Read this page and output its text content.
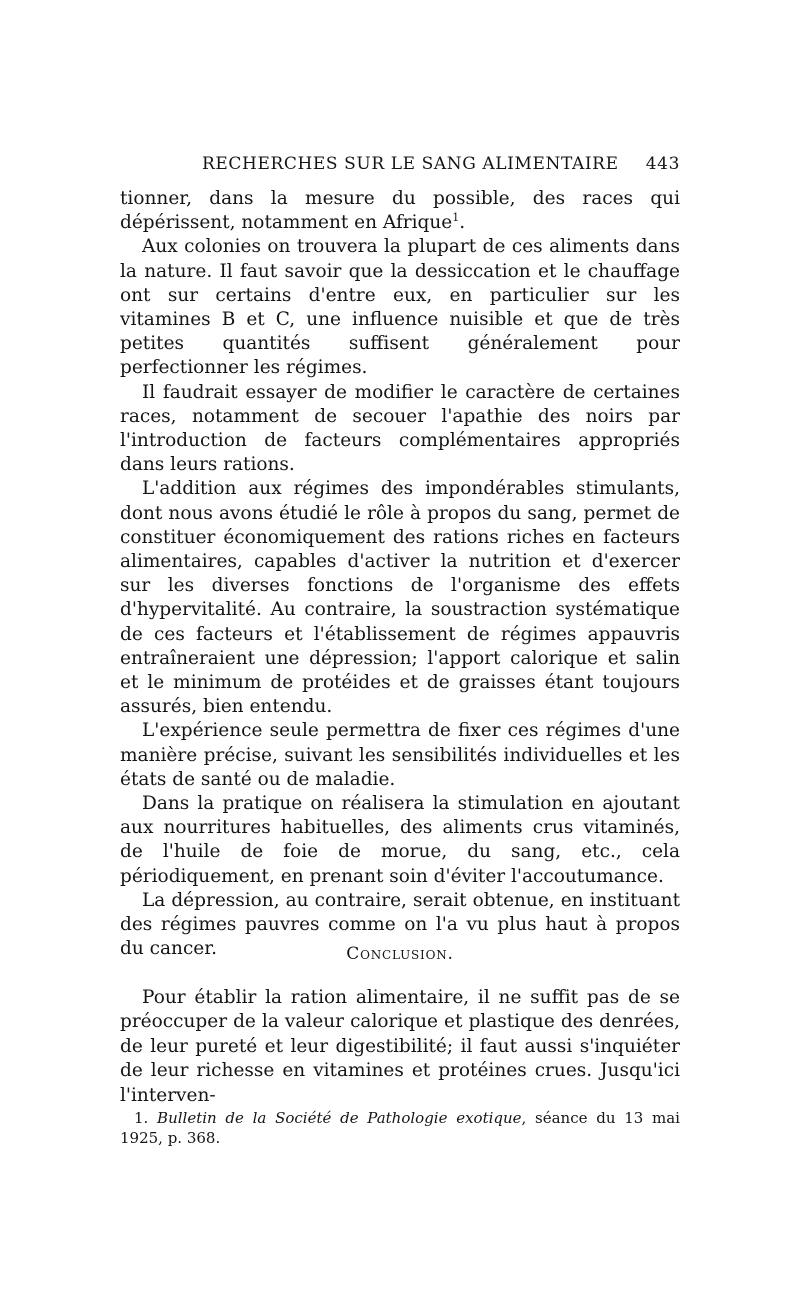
RECHERCHES SUR LE SANG ALIMENTAIRE 443

tionner, dans la mesure du possible, des races qui dépérissent, notamment en Afrique$^1$.

Aux colonies on trouvera la plupart de ces aliments dans la nature. Il faut savoir que la dessiccation et le chauffage ont sur certains d'entre eux, en particulier sur les vitamines B et C, une influence nuisible et que de très petites quantités suffisent généralement pour perfectionner les régimes.

Il faudrait essayer de modifier le caractère de certaines races, notamment de secouer l'apathie des noirs par l'introduction de facteurs complémentaires appropriés dans leurs rations.

L'addition aux régimes des impondérables stimulants, dont nous avons étudié le rôle à propos du sang, permet de constituer économiquement des rations riches en facteurs alimentaires, capables d'activer la nutrition et d'exercer sur les diverses fonctions de l'organisme des effets d'hypervitalité. Au contraire, la soustraction systématique de ces facteurs et l'établissement de régimes appauvris entraîneraient une dépression; l'apport calorique et salin et le minimum de protéides et de graisses étant toujours assurés, bien entendu.

L'expérience seule permettra de fixer ces régimes d'une manière précise, suivant les sensibilités individuelles et les états de santé ou de maladie.

Dans la pratique on réalisera la stimulation en ajoutant aux nourritures habituelles, des aliments crus vitaminés, de l'huile de foie de morue, du sang, etc., cela périodiquement, en prenant soin d'éviter l'accoutumance.

La dépression, au contraire, serait obtenue, en instituant des régimes pauvres comme on l'a vu plus haut à propos du cancer.	Conclusion.

Pour établir la ration alimentaire, il ne suffit pas de se préoccuper de la valeur calorique et plastique des denrées, de leur pureté et leur digestibilité; il faut aussi s'inquiéter de leur richesse en vitamines et protéines crues. Jusqu'ici l'interven-

1. Bulletin de la Société de Pathologie exotique, séance du 13 mai 1925, p. 368.
